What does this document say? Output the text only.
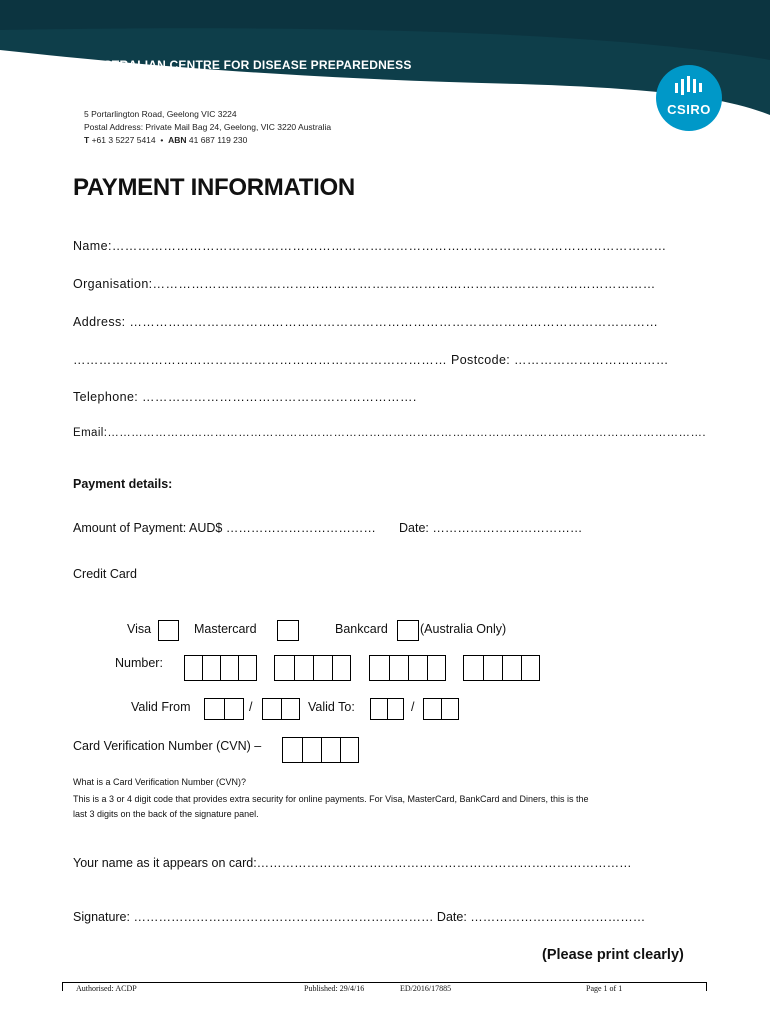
AUSTRALIAN CENTRE FOR DISEASE PREPAREDNESS
www.csiro.au
CSIRO
5 Portarlington Road, Geelong VIC 3224
Postal Address: Private Mail Bag 24, Geelong, VIC 3220 Australia
T +61 3 5227 5414 • ABN 41 687 119 230
PAYMENT INFORMATION
Name:…………………………………………………………………………………………………………………
Organisation:………………………………………………………………………………………………………
Address: ……………………………………………………………………………………………………………
…………………………………………………………………………… Postcode: ………………………………
Telephone: ……………………………………………………….
Email:…………………………………………………………………………………………………………………………………….
Payment details:
Amount of Payment: AUD$ ……………………………… Date: ………………………………
Credit Card
Visa	Mastercard	Bankcard	(Australia Only)
Number:
Valid From	/	Valid To:	/
Card Verification Number (CVN) –
What is a Card Verification Number (CVN)?
This is a 3 or 4 digit code that provides extra security for online payments. For Visa, MasterCard, BankCard and Diners, this is the
last 3 digits on the back of the signature panel.
Your name as it appears on card:………………………………………………………………………………
Signature: ……………………………………………………………… Date: ……………………………………
(Please print clearly)
Authorised: ACDP	Published: 29/4/16	ED/2016/17885	Page 1 of 1
